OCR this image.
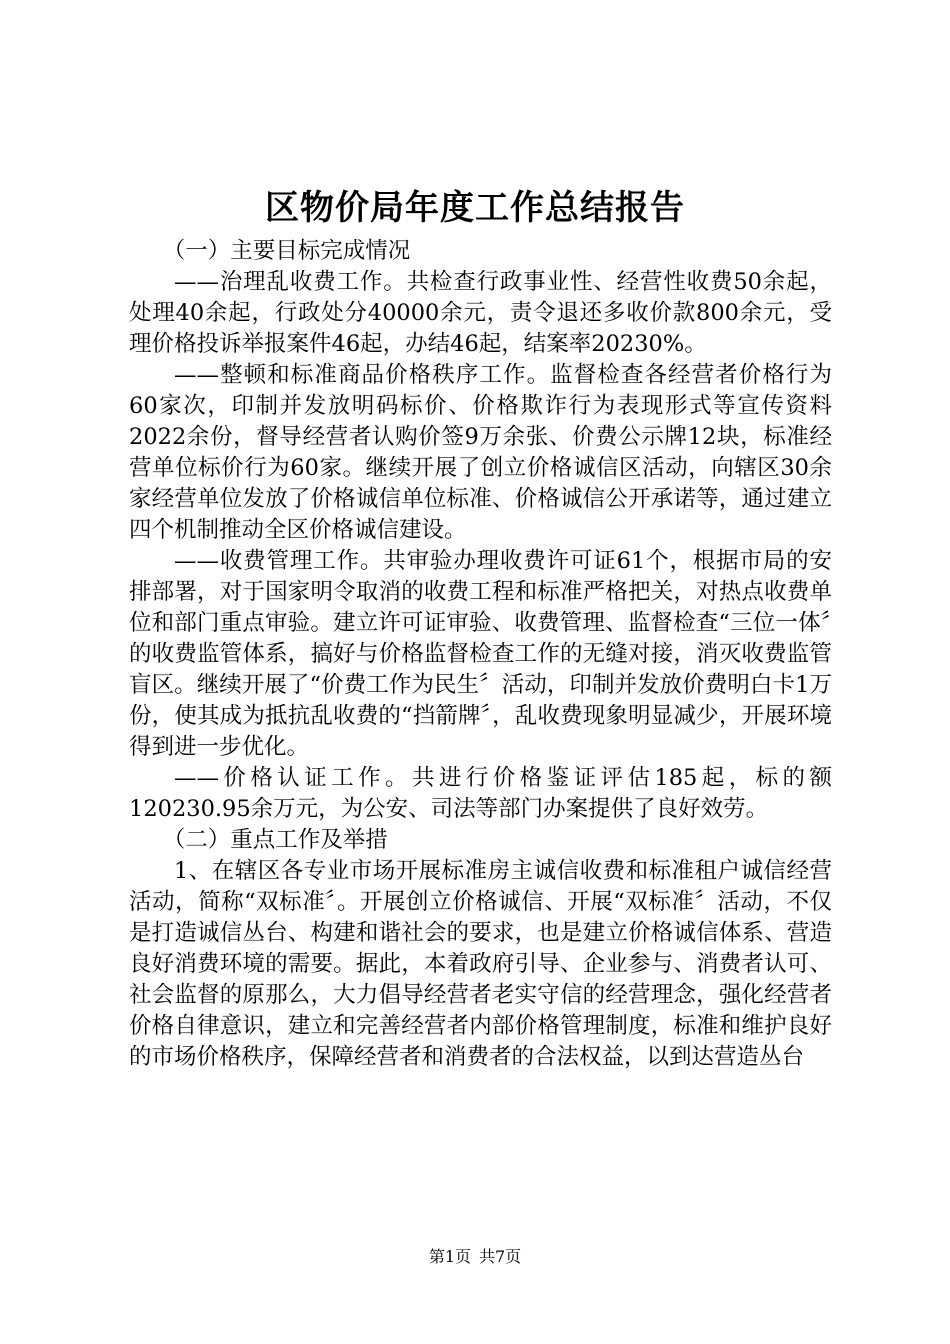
区物价局年度工作总结报告

（一）主要目标完成情况

——治理乱收费工作。共检查行政事业性、经营性收费50余起，处理40余起，行政处分40000余元，责令退还多收价款800余元，受理价格投诉举报案件46起，办结46起，结案率20230%。

——整顿和标准商品价格秩序工作。监督检查各经营者价格行为60家次，印制并发放明码标价、价格欺诈行为表现形式等宣传资料2022余份，督导经营者认购价签9万余张、价费公示牌12块，标准经营单位标价行为60家。继续开展了创立价格诚信区活动，向辖区30余家经营单位发放了价格诚信单位标准、价格诚信公开承诺等，通过建立四个机制推动全区价格诚信建设。

——收费管理工作。共审验办理收费许可证61个，根据市局的安排部署，对于国家明令取消的收费工程和标准严格把关，对热点收费单位和部门重点审验。建立许可证审验、收费管理、监督检查“三位一体〞的收费监管体系，搞好与价格监督检查工作的无缝对接，消灭收费监管盲区。继续开展了“价费工作为民生〞活动，印制并发放价费明白卡1万份，使其成为抵抗乱收费的“挡箭牌〞，乱收费现象明显减少，开展环境得到进一步优化。

——价格认证工作。共进行价格鉴证评估185起，标的额120230.95余万元，为公安、司法等部门办案提供了良好效劳。

（二）重点工作及举措

1、在辖区各专业市场开展标准房主诚信收费和标准租户诚信经营活动，简称“双标准〞。开展创立价格诚信、开展“双标准〞活动，不仅是打造诚信丛台、构建和谐社会的要求，也是建立价格诚信体系、营造良好消费环境的需要。据此，本着政府引导、企业参与、消费者认可、社会监督的原那么，大力倡导经营者老实守信的经营理念，强化经营者价格自律意识，建立和完善经营者内部价格管理制度，标准和维护良好的市场价格秩序，保障经营者和消费者的合法权益，以到达营造丛台

第1页 共7页
